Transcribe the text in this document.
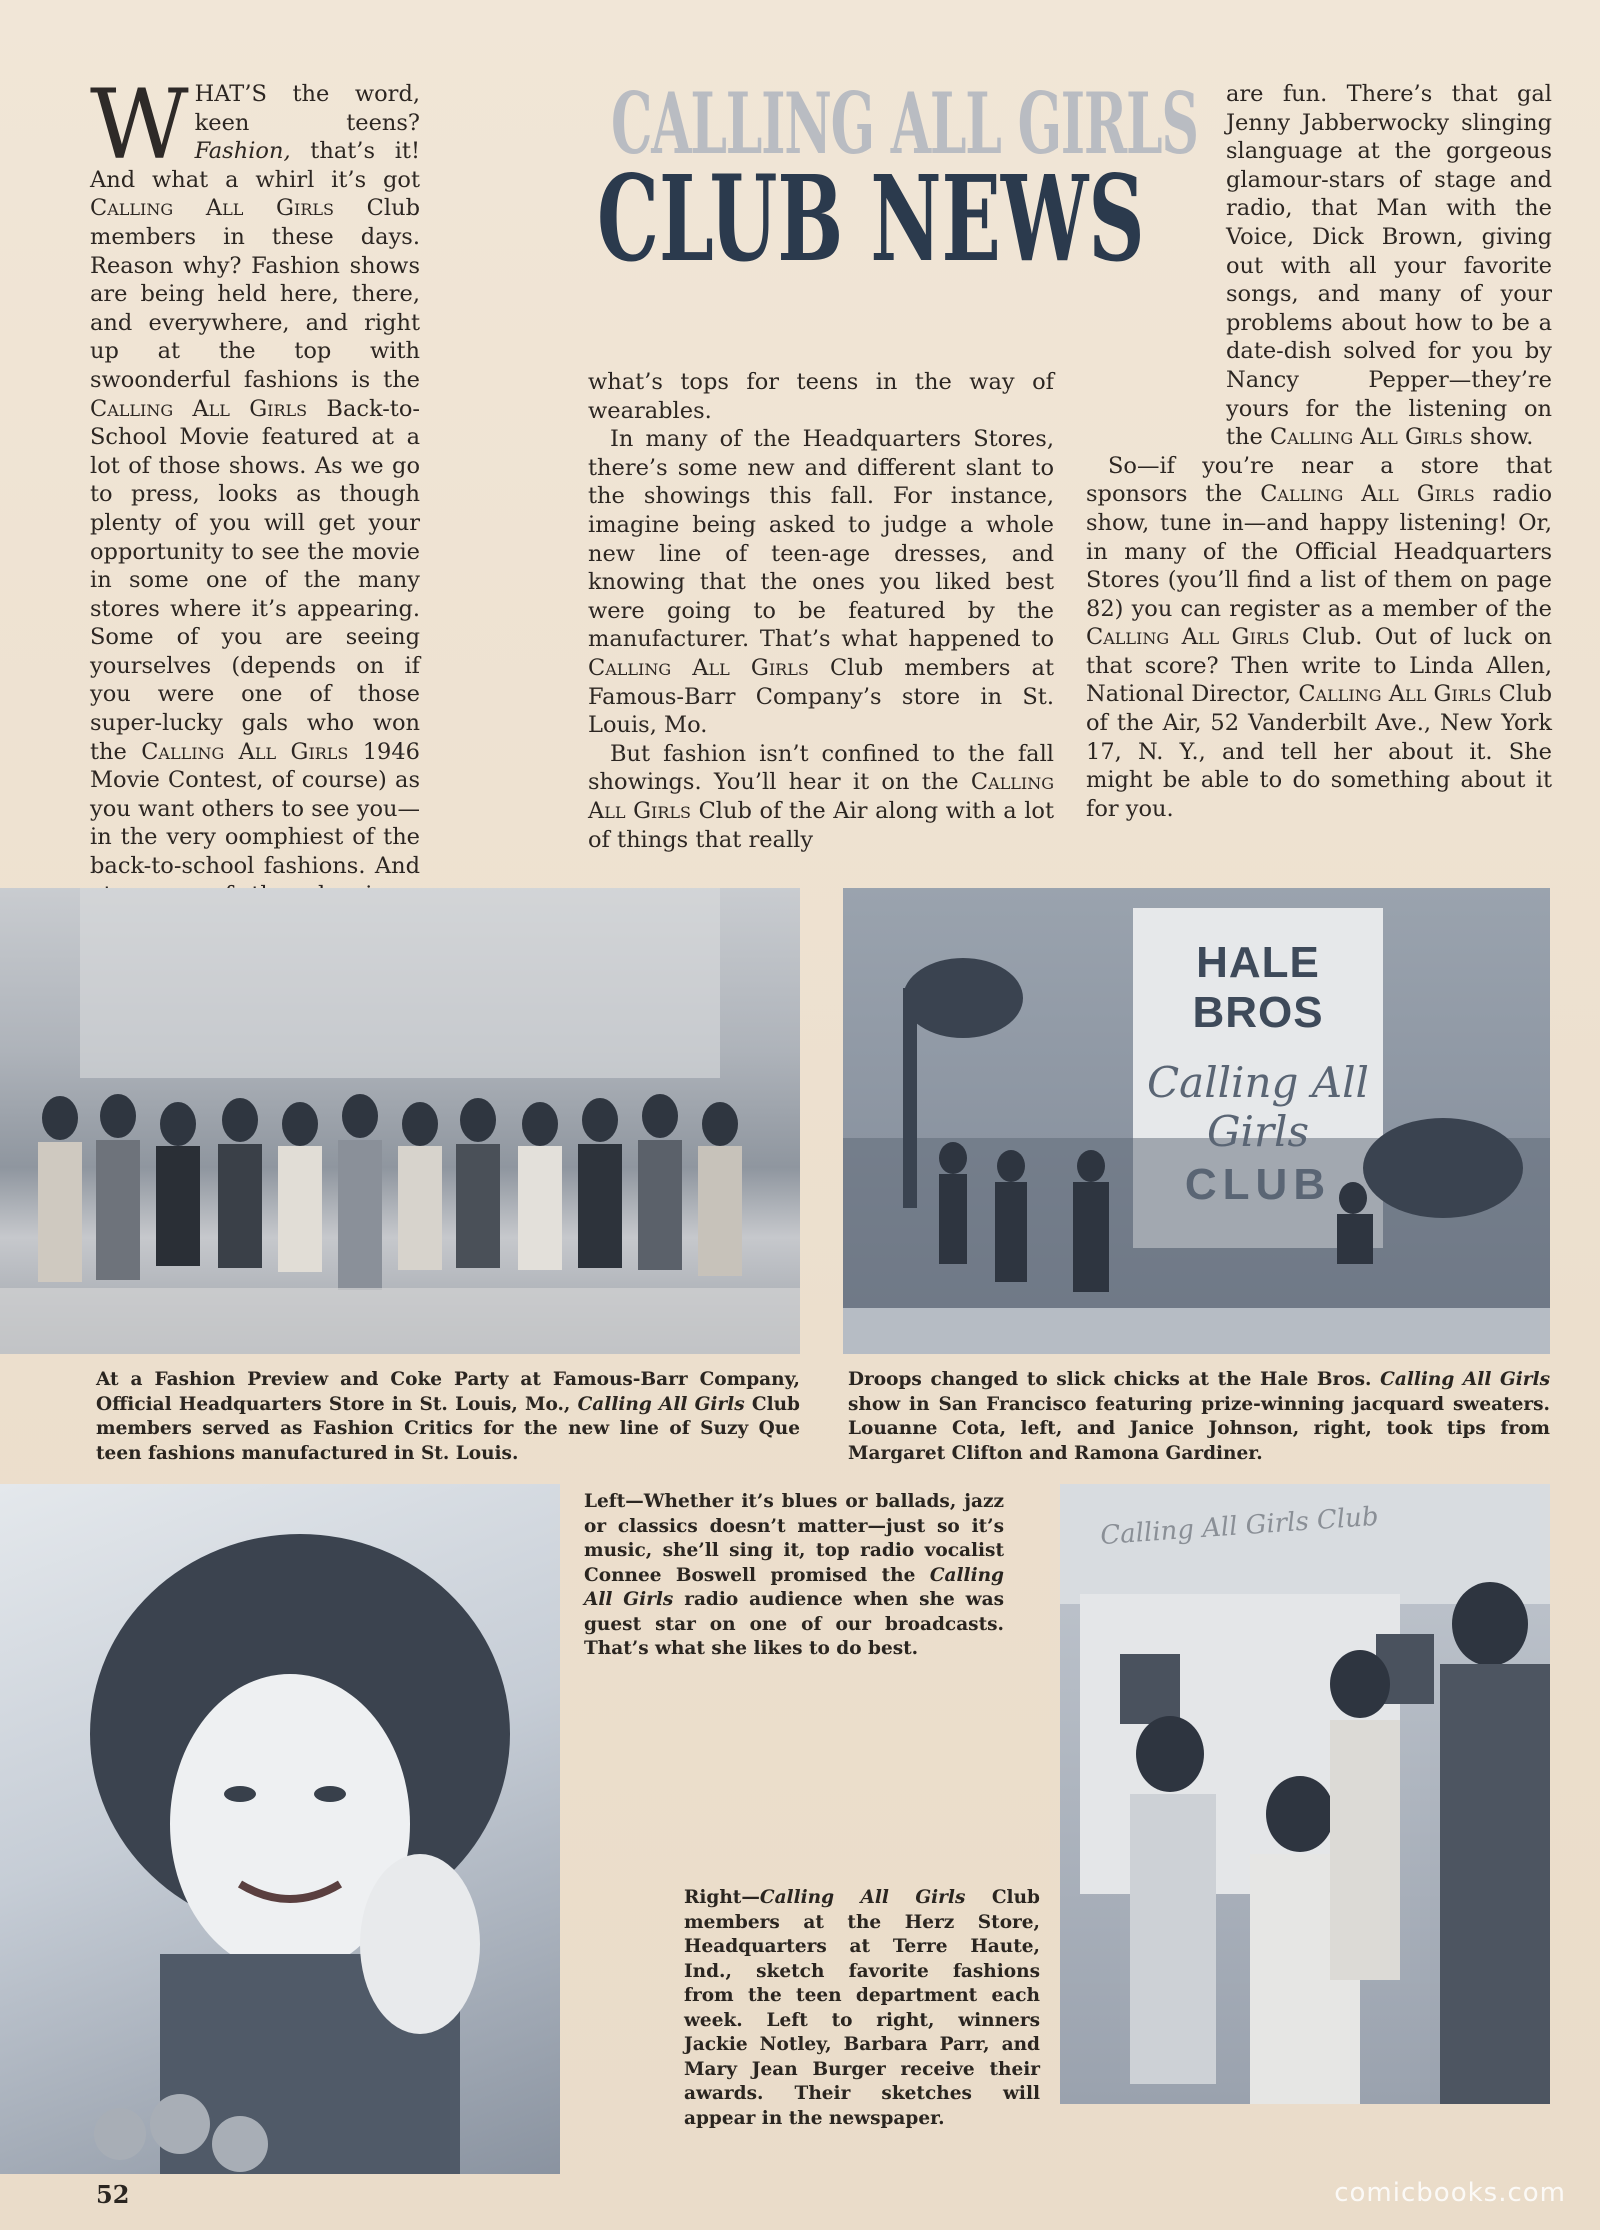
CALLING ALL GIRLS
CLUB NEWS

WHAT’S the word, keen teens? Fashion, that’s it! And what a whirl it’s got Calling All Girls Club members in these days. Reason why? Fashion shows are being held here, there, and everywhere, and right up at the top with swoonderful fashions is the Calling All Girls Back-to-School Movie featured at a lot of those shows. As we go to press, looks as though plenty of you will get your opportunity to see the movie in some one of the many stores where it’s appearing. Some of you are seeing yourselves (depends on if you were one of those super-lucky gals who won the Calling All Girls 1946 Movie Contest, of course) as you want others to see you—in the very oomphiest of the back-to-school fashions. And

what’s tops for teens in the way of wearables.

In many of the Headquarters Stores, there’s some new and different slant to the showings this fall. For instance, imagine being asked to judge a whole new line of teen-age dresses, and knowing that the ones you liked best were going to be featured by the manufacturer. That’s what happened to Calling All Girls Club members at Famous-Barr Company’s store in St. Louis, Mo.

But fashion isn’t confined to the fall showings. You’ll hear it on the Calling All Girls Club of the Air along with a lot of things that really

are fun. There’s that gal Jenny Jabberwocky slinging slanguage at the gorgeous glamour-stars of stage and radio, that Man with the Voice, Dick Brown, giving out with all your favorite songs, and many of your problems about how to be a date-dish solved for you by Nancy Pepper—they’re yours for the listening on the Calling All Girls show.

So—if you’re near a store that sponsors the Calling All Girls radio show, tune in—and happy listening! Or, in many of the Official Headquarters Stores (you’ll find a list of them on page 82) you can register as a member of the Calling All Girls Club. Out of luck on that score? Then write to Linda Allen, National Director, Calling All Girls Club of the Air, 52 Vanderbilt Ave., New York 17, N. Y., and tell her about it. She might be able to do something about it for you.

HALE BROS
Calling All
Girls
CLUB
At a Fashion Preview and Coke Party at Famous-Barr Company, Official Headquarters Store in St. Louis, Mo., Calling All Girls Club members served as Fashion Critics for the new line of Suzy Que teen fashions manufactured in St. Louis.
Droops changed to slick chicks at the Hale Bros. Calling All Girls show in San Francisco featuring prize-winning jacquard sweaters. Louanne Cota, left, and Janice Johnson, right, took tips from Margaret Clifton and Ramona Gardiner.
Left—Whether it’s blues or ballads, jazz or classics doesn’t matter—just so it’s music, she’ll sing it, top radio vocalist Connee Boswell promised the Calling All Girls radio audience when she was guest star on one of our broadcasts. That’s what she likes to do best.
Right—Calling All Girls Club members at the Herz Store, Headquarters at Terre Haute, Ind., sketch favorite fashions from the teen department each week. Left to right, winners Jackie Notley, Barbara Parr, and Mary Jean Burger receive their awards. Their sketches will appear in the newspaper.
Calling All Girls Club
52	comicbooks.com
